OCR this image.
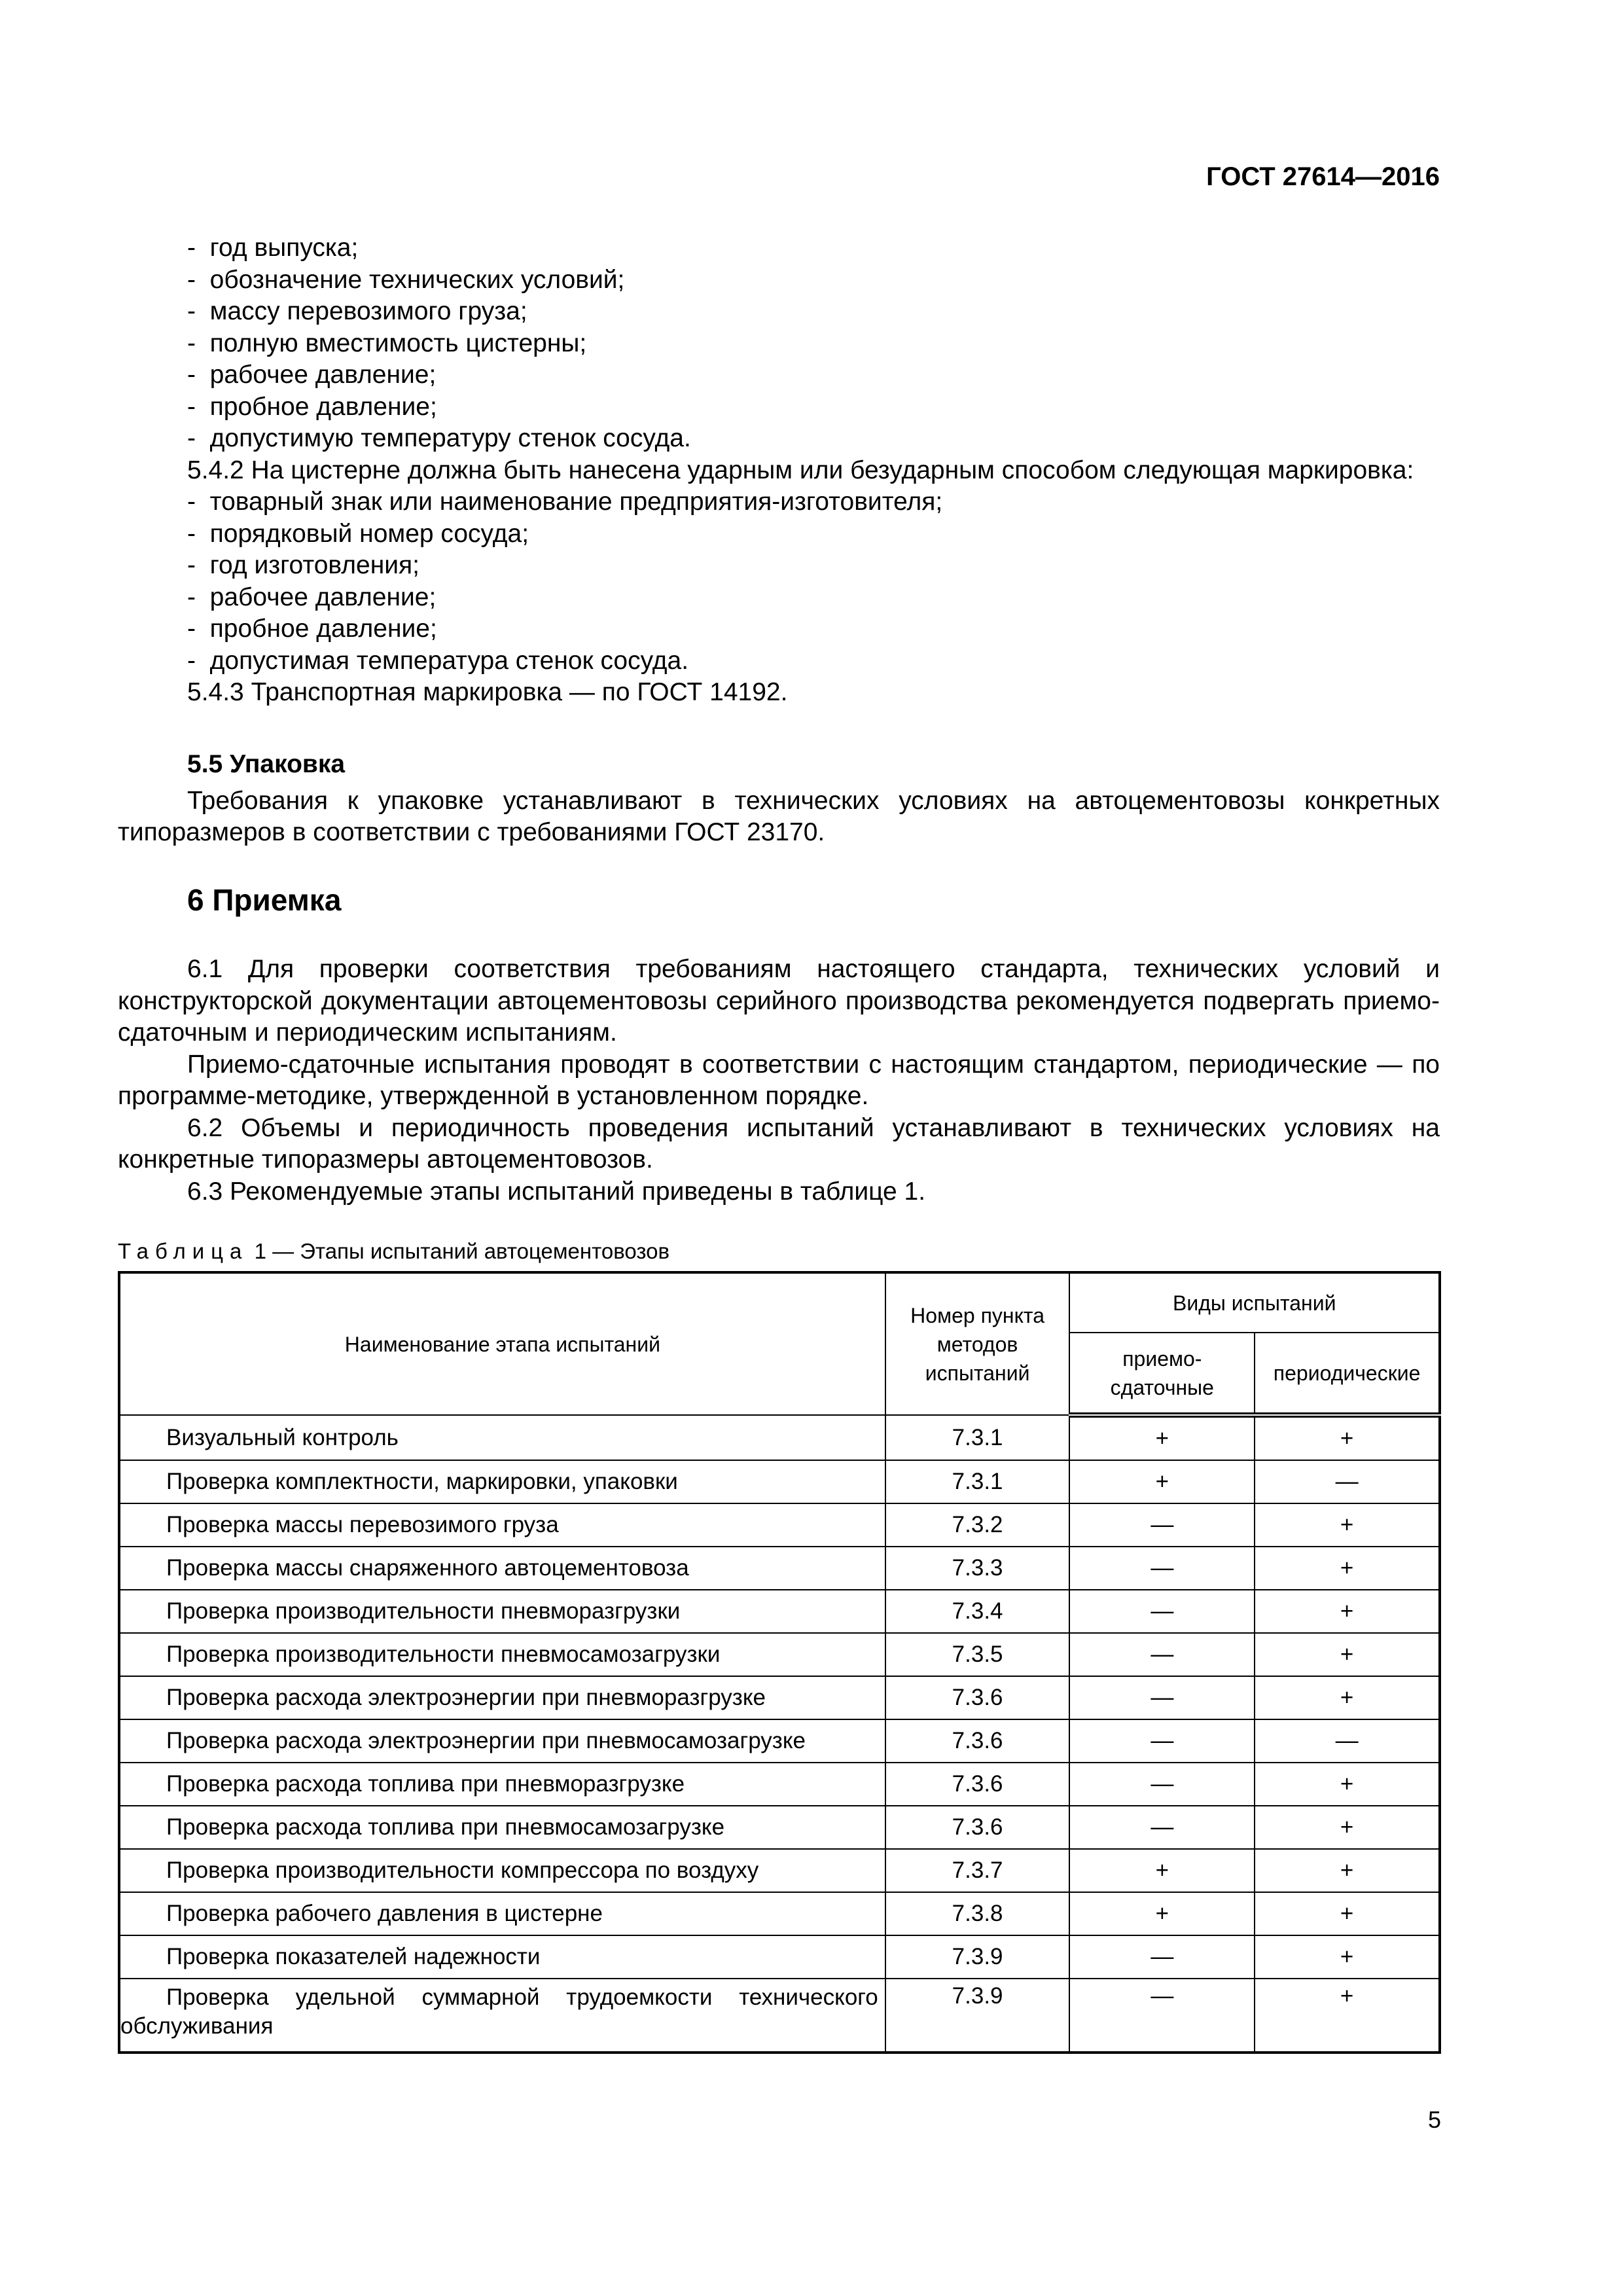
ГОСТ 27614—2016
-  год выпуска;
-  обозначение технических условий;
-  массу перевозимого груза;
-  полную вместимость цистерны;
-  рабочее давление;
-  пробное давление;
-  допустимую температуру стенок сосуда.
5.4.2 На цистерне должна быть нанесена ударным или безударным способом следующая маркировка:
-  товарный знак или наименование предприятия-изготовителя;
-  порядковый номер сосуда;
-  год изготовления;
-  рабочее давление;
-  пробное давление;
-  допустимая температура стенок сосуда.
5.4.3 Транспортная маркировка — по ГОСТ 14192.
5.5 Упаковка
Требования к упаковке устанавливают в технических условиях на автоцементовозы конкретных типоразмеров в соответствии с требованиями ГОСТ 23170.
6 Приемка
6.1 Для проверки соответствия требованиям настоящего стандарта, технических условий и конструкторской документации автоцементовозы серийного производства рекомендуется подвергать приемо-сдаточным и периодическим испытаниям.
Приемо-сдаточные испытания проводят в соответствии с настоящим стандартом, периодические — по программе-методике, утвержденной в установленном порядке.
6.2 Объемы и периодичность проведения испытаний устанавливают в технических условиях на конкретные типоразмеры автоцементовозов.
6.3 Рекомендуемые этапы испытаний приведены в таблице 1.
Таблица 1 — Этапы испытаний автоцементовозов
Наименование этапа испытаний	Номер пункта методов испытаний	Виды испытаний	
		приемо-сдаточные	периодические
Визуальный контроль	7.3.1	+	+
Проверка комплектности, маркировки, упаковки	7.3.1	+	—
Проверка массы перевозимого груза	7.3.2	—	+
Проверка массы снаряженного автоцементовоза	7.3.3	—	+
Проверка производительности пневморазгрузки	7.3.4	—	+
Проверка производительности пневмосамозагрузки	7.3.5	—	+
Проверка расхода электроэнергии при пневморазгрузке	7.3.6	—	+
Проверка расхода электроэнергии при пневмосамозагрузке	7.3.6	—	—
Проверка расхода топлива при пневморазгрузке	7.3.6	—	+
Проверка расхода топлива при пневмосамозагрузке	7.3.6	—	+
Проверка производительности компрессора по воздуху	7.3.7	+	+
Проверка рабочего давления в цистерне	7.3.8	+	+
Проверка показателей надежности	7.3.9	—	+
Проверка удельной суммарной трудоемкости технического обслуживания	7.3.9	—	+
5
